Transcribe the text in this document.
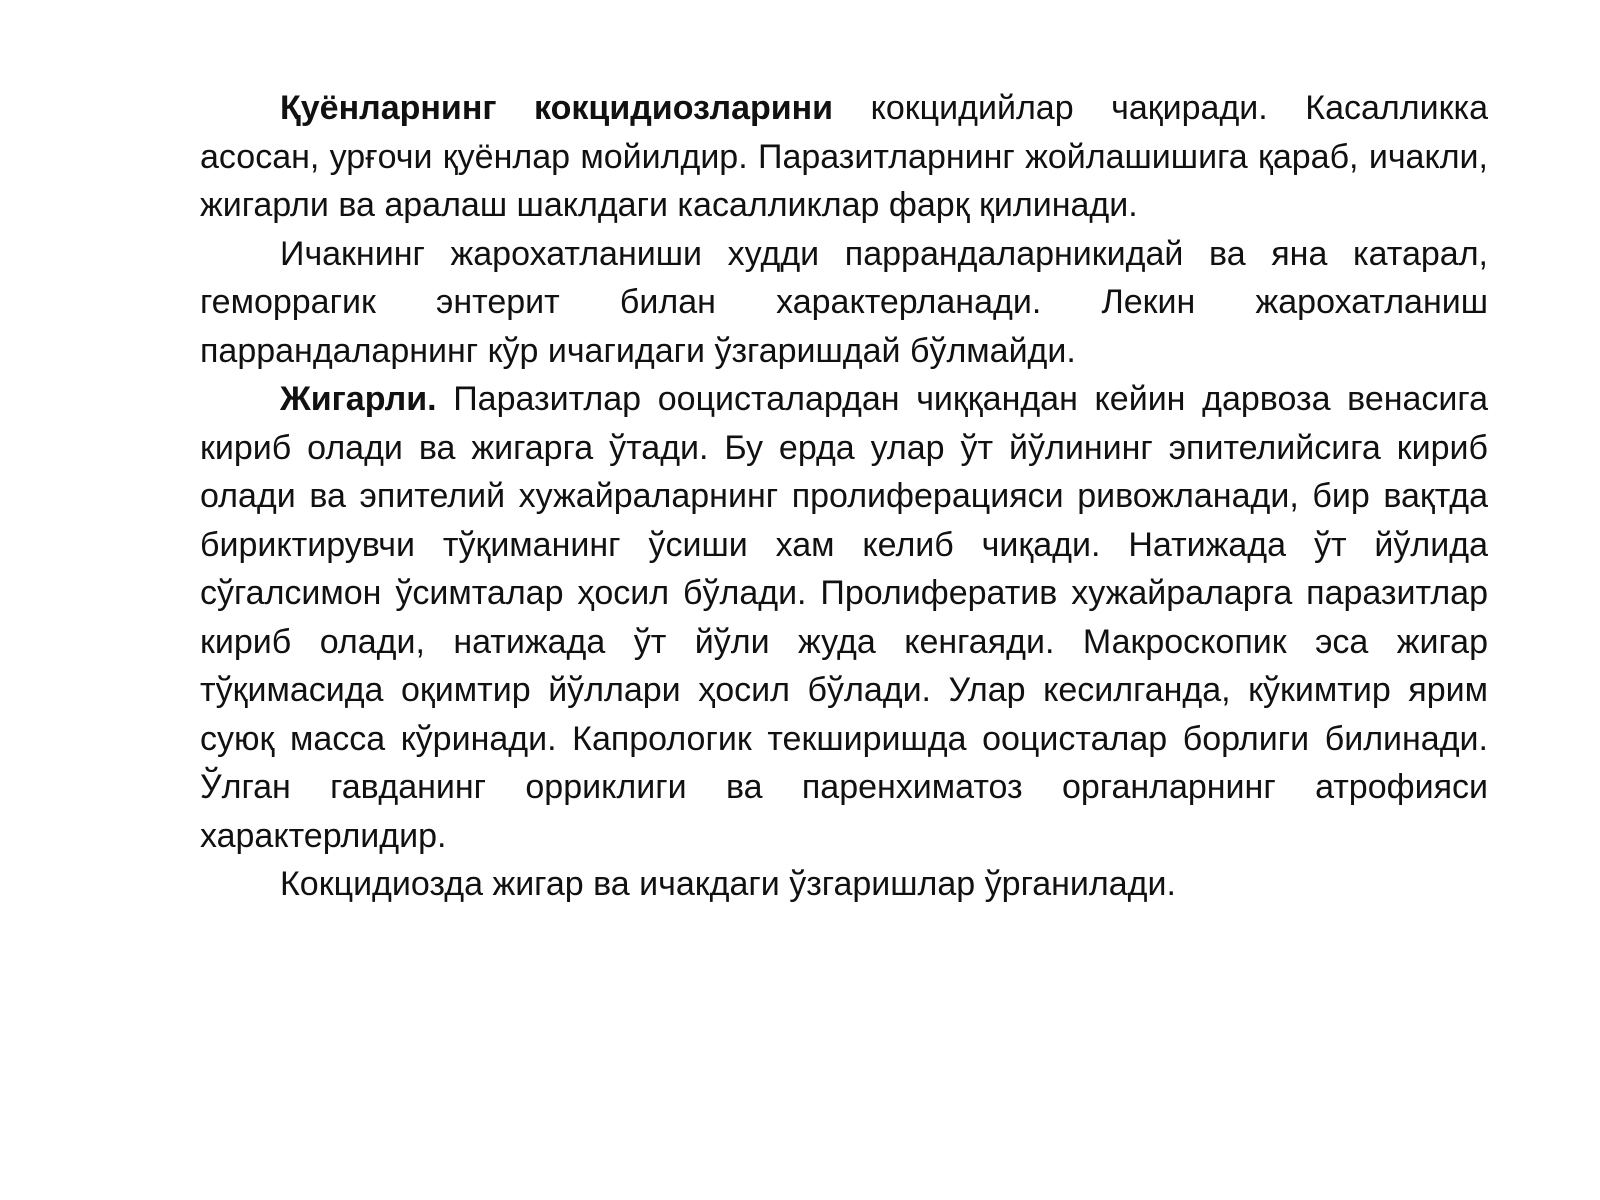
Қуёнларнинг кокцидиозларини кокцидийлар чақиради. Касалликка асосан, урғочи қуёнлар мойилдир. Паразитларнинг жойлашишига қараб, ичакли, жигарли ва аралаш шаклдаги касалликлар фарқ қилинади.

Ичакнинг жарохатланиши худди паррандаларникидай ва яна катарал, геморрагик энтерит билан характерланади. Лекин жарохатланиш паррандаларнинг кўр ичагидаги ўзгаришдай бўлмайди.

Жигарли. Паразитлар ооцисталардан чиққандан кейин дарвоза венасига кириб олади ва жигарга ўтади. Бу ерда улар ўт йўлининг эпителийсига кириб олади ва эпителий хужайраларнинг пролиферацияси ривожланади, бир вақтда бириктирувчи тўқиманинг ўсиши хам келиб чиқади. Натижада ўт йўлида сўгалсимон ўсимталар ҳосил бўлади. Пролифератив хужайраларга паразитлар кириб олади, натижада ўт йўли жуда кенгаяди. Макроскопик эса жигар тўқимасида оқимтир йўллари ҳосил бўлади. Улар кесилганда, кўкимтир ярим суюқ масса кўринади. Капрологик текширишда ооцисталар борлиги билинади. Ўлган гавданинг орриклиги ва паренхиматоз органларнинг атрофияси характерлидир.

Кокцидиозда жигар ва ичакдаги ўзгаришлар ўрганилади.
